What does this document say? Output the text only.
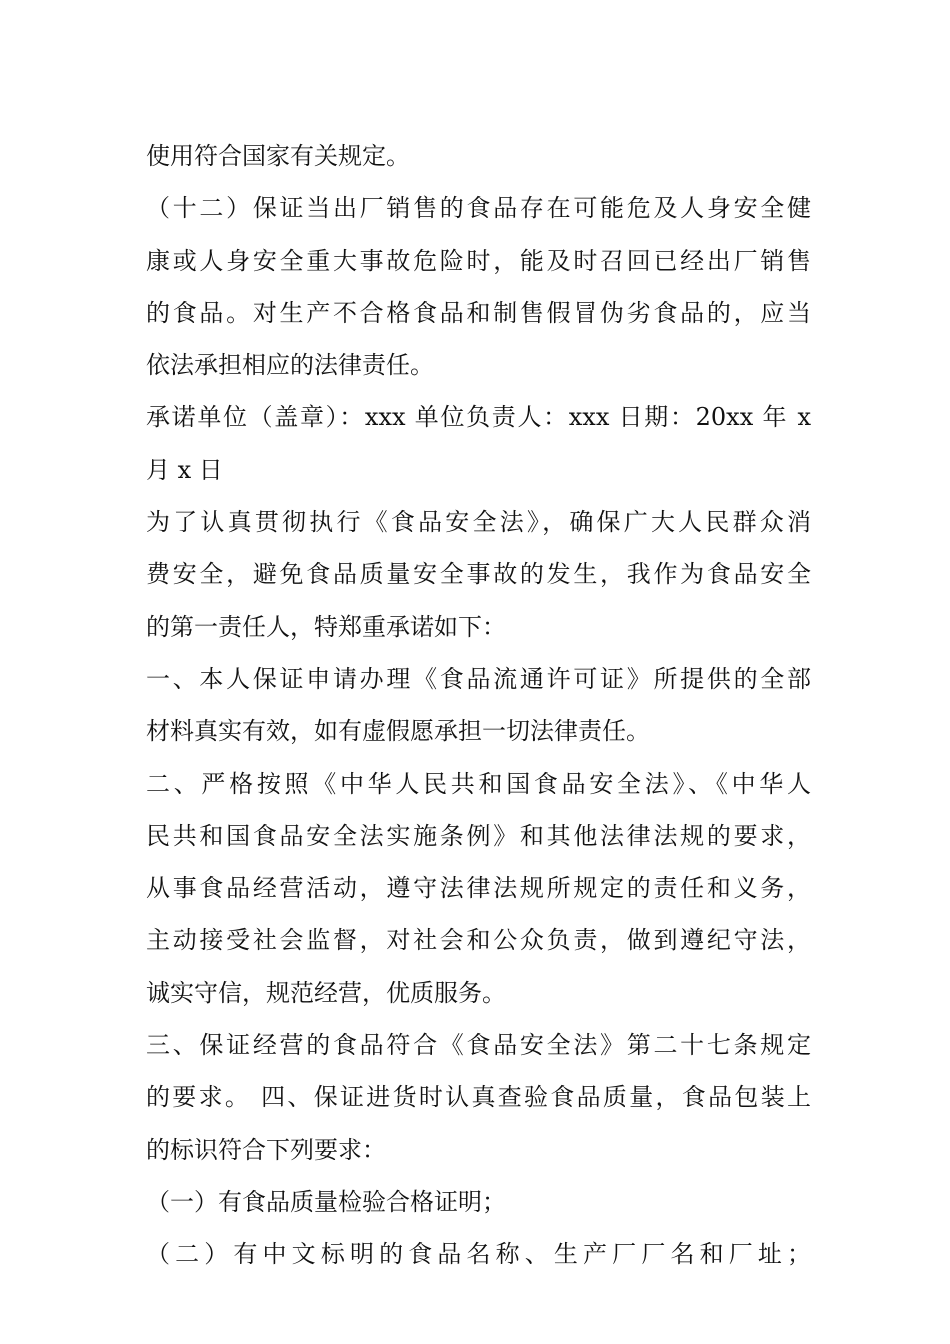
使用符合国家有关规定。
（十二）保证当出厂销售的食品存在可能危及人身安全健
康或人身安全重大事故危险时，能及时召回已经出厂销售
的食品。对生产不合格食品和制售假冒伪劣食品的，应当
依法承担相应的法律责任。
承诺单位（盖章）：xxx 单位负责人：xxx 日期：20xx 年 x
月 x 日
为了认真贯彻执行《食品安全法》，确保广大人民群众消
费安全，避免食品质量安全事故的发生，我作为食品安全
的第一责任人，特郑重承诺如下：
一、本人保证申请办理《食品流通许可证》所提供的全部
材料真实有效，如有虚假愿承担一切法律责任。
二、严格按照《中华人民共和国食品安全法》、《中华人
民共和国食品安全法实施条例》和其他法律法规的要求，
从事食品经营活动，遵守法律法规所规定的责任和义务，
主动接受社会监督，对社会和公众负责，做到遵纪守法，
诚实守信，规范经营，优质服务。
三、保证经营的食品符合《食品安全法》第二十七条规定
的要求。 四、保证进货时认真查验食品质量，食品包装上
的标识符合下列要求：
（一）有食品质量检验合格证明；
（二）有中文标明的食品名称、生产厂厂名和厂址；
